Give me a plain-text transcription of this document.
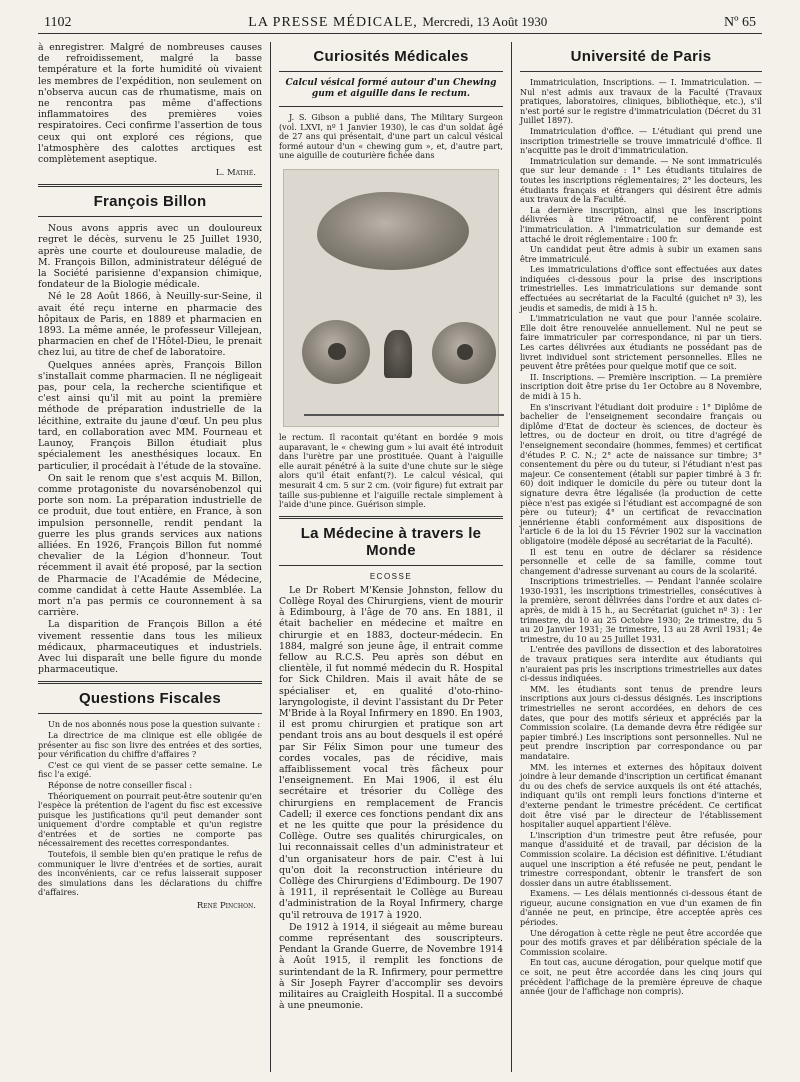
1102	LA PRESSE MÉDICALE, Mercredi, 13 Août 1930	Nº 65

à enregistrer. Malgré de nombreuses causes de refroidissement, malgré la basse température et la forte humidité où vivaient les membres de l'expédition, non seulement on n'observa aucun cas de rhumatisme, mais on ne rencontra pas même d'affections inflammatoires des premières voies respiratoires. Ceci confirme l'assertion de tous ceux qui ont exploré ces régions, que l'atmosphère des calottes arctiques est complètement aseptique.

L. Mathé.
François Billon

Nous avons appris avec un douloureux regret le décès, survenu le 25 Juillet 1930, après une courte et douloureuse maladie, de M. François Billon, administrateur délégué de la Société parisienne d'expansion chimique, fondateur de la Biologie médicale.

Né le 28 Août 1866, à Neuilly-sur-Seine, il avait été reçu interne en pharmacie des hôpitaux de Paris, en 1889 et pharmacien en 1893. La même année, le professeur Villejean, pharmacien en chef de l'Hôtel-Dieu, le prenait chez lui, au titre de chef de laboratoire.

Quelques années après, François Billon s'installait comme pharmacien. Il ne négligeait pas, pour cela, la recherche scientifique et c'est ainsi qu'il mit au point la première méthode de préparation industrielle de la lécithine, extraite du jaune d'œuf. Un peu plus tard, en collaboration avec MM. Fourneau et Launoy, François Billon étudiait plus spécialement les anesthésiques locaux. En particulier, il procédait à l'étude de la stovaïne.

On sait le renom que s'est acquis M. Billon, comme protagoniste du novarsénobenzol qui porte son nom. La préparation industrielle de ce produit, due tout entière, en France, à son impulsion personnelle, rendit pendant la guerre les plus grands services aux nations alliées. En 1926, François Billon fut nommé chevalier de la Légion d'honneur. Tout récemment il avait été proposé, par la section de Pharmacie de l'Académie de Médecine, comme candidat à cette Haute Assemblée. La mort n'a pas permis ce couronnement à sa carrière.

La disparition de François Billon a été vivement ressentie dans tous les milieux médicaux, pharmaceutiques et industriels. Avec lui disparaît une belle figure du monde pharmaceutique.

Questions Fiscales

Un de nos abonnés nous pose la question suivante :

La directrice de ma clinique est elle obligée de présenter au fisc son livre des entrées et des sorties, pour vérification du chiffre d'affaires ?

C'est ce qui vient de se passer cette semaine. Le fisc l'a exigé.

Réponse de notre conseiller fiscal :

Théoriquement on pourrait peut-être soutenir qu'en l'espèce la prétention de l'agent du fisc est excessive puisque les justifications qu'il peut demander sont uniquement d'ordre comptable et qu'un registre d'entrées et de sorties ne comporte pas nécessairement des recettes correspondantes.

Toutefois, il semble bien qu'en pratique le refus de communiquer le livre d'entrées et de sorties, aurait des inconvénients, car ce refus laisserait supposer des simulations dans les déclarations du chiffre d'affaires.

René Pinchon.
Curiosités Médicales
Calcul vésical formé autour d'un Chewing gum et aiguille dans le rectum.

J. S. Gibson a publié dans, The Military Surgeon (vol. LXVI, nº 1 Janvier 1930), le cas d'un soldat âgé de 27 ans qui présentait, d'une part un calcul vésical formé autour d'un « chewing gum », et, d'autre part, une aiguille de couturière fichée dans

le rectum. Il racontait qu'étant en bordée 9 mois auparavant, le « chewing gum » lui avait été introduit dans l'urètre par une prostituée. Quant à l'aiguille elle aurait pénétré à la suite d'une chute sur le siège alors qu'il était enfant(?). Le calcul vésical, qui mesurait 4 cm. 5 sur 2 cm. (voir figure) fut extrait par taille sus-pubienne et l'aiguille rectale simplement à l'aide d'une pince. Guérison simple.

La Médecine à travers le Monde
ECOSSE

Le Dr Robert M'Kensie Johnston, fellow du Collège Royal des Chirurgiens, vient de mourir à Edimbourg, à l'âge de 70 ans. En 1881, il était bachelier en médecine et maître en chirurgie et en 1883, docteur-médecin. En 1884, malgré son jeune âge, il entrait comme fellow au R.C.S. Peu après son début en clientèle, il fut nommé médecin du R. Hospital for Sick Children. Mais il avait hâte de se spécialiser et, en qualité d'oto-rhino-laryngologiste, il devint l'assistant du Dr Peter M'Bride à la Royal Infirmery en 1890. En 1903, il est promu chirurgien et pratique son art pendant trois ans au bout desquels il est opéré par Sir Félix Simon pour une tumeur des cordes vocales, pas de récidive, mais affaiblissement vocal très fâcheux pour l'enseignement. En Mai 1906, il est élu secrétaire et trésorier du Collège des chirurgiens en remplacement de Francis Cadell; il exerce ces fonctions pendant dix ans et ne les quitte que pour la présidence du Collège. Outre ses qualités chirurgicales, on lui reconnaissait celles d'un administrateur et d'un organisateur hors de pair. C'est à lui qu'on doit la reconstruction intérieure du Collège des Chirurgiens d'Edimbourg. De 1907 à 1911, il représentait le Collège au Bureau d'administration de la Royal Infirmery, charge qu'il retrouva de 1917 à 1920.

De 1912 à 1914, il siégeait au même bureau comme représentant des souscripteurs. Pendant la Grande Guerre, de Novembre 1914 à Août 1915, il remplit les fonctions de surintendant de la R. Infirmery, pour permettre à Sir Joseph Fayrer d'accomplir ses devoirs militaires au Craigleith Hospital. Il a succombé à une pneumonie.

Université de Paris

Immatriculation, Inscriptions. — I. Immatriculation. — Nul n'est admis aux travaux de la Faculté (Travaux pratiques, laboratoires, cliniques, bibliothèque, etc.), s'il n'est porté sur le registre d'immatriculation (Décret du 31 Juillet 1897).

Immatriculation d'office. — L'étudiant qui prend une inscription trimestrielle se trouve immatriculé d'office. Il n'acquitte pas le droit d'immatriculation.

Immatriculation sur demande. — Ne sont immatriculés que sur leur demande : 1° Les étudiants titulaires de toutes les inscriptions réglementaires; 2° les docteurs, les étudiants français et étrangers qui désirent être admis aux travaux de la Faculté.

La dernière inscription, ainsi que les inscriptions délivrées à titre rétroactif, ne confèrent point l'immatriculation. A l'immatriculation sur demande est attaché le droit réglementaire : 100 fr.

Un candidat peut être admis à subir un examen sans être immatriculé.

Les immatriculations d'office sont effectuées aux dates indiquées ci-dessous pour la prise des inscriptions trimestrielles. Les immatriculations sur demande sont effectuées au secrétariat de la Faculté (guichet nº 3), les jeudis et samedis, de midi à 15 h.

L'immatriculation ne vaut que pour l'année scolaire. Elle doit être renouvelée annuellement. Nul ne peut se faire immatriculer par correspondance, ni par un tiers. Les cartes délivrées aux étudiants ne possédant pas de livret individuel sont strictement personnelles. Elles ne peuvent être prêtées pour quelque motif que ce soit.

II. Inscriptions. — Première inscription. — La première inscription doit être prise du 1er Octobre au 8 Novembre, de midi à 15 h.

En s'inscrivant l'étudiant doit produire : 1° Diplôme de bachelier de l'enseignement secondaire français ou diplôme d'Etat de docteur ès sciences, de docteur ès lettres, ou de docteur en droit, ou titre d'agrégé de l'enseignement secondaire (hommes, femmes) et certificat d'études P. C. N.; 2° acte de naissance sur timbre; 3° consentement du père ou du tuteur, si l'étudiant n'est pas majeur. Ce consentement (établi sur papier timbré à 3 fr. 60) doit indiquer le domicile du père ou tuteur dont la signature devra être légalisée (la production de cette pièce n'est pas exigée si l'étudiant est accompagné de son père ou tuteur); 4° un certificat de revaccination jennérienne établi conformément aux dispositions de l'article 6 de la loi du 15 Février 1902 sur la vaccination obligatoire (modèle déposé au secrétariat de la Faculté).

Il est tenu en outre de déclarer sa résidence personnelle et celle de sa famille, comme tout changement d'adresse survenant au cours de la scolarité.

Inscriptions trimestrielles. — Pendant l'année scolaire 1930-1931, les inscriptions trimestrielles, consécutives à la première, seront délivrées dans l'ordre et aux dates ci-après, de midi à 15 h., au Secrétariat (guichet nº 3) : 1er trimestre, du 10 au 25 Octobre 1930; 2e trimestre, du 5 au 20 Janvier 1931; 3e trimestre, 13 au 28 Avril 1931; 4e trimestre, du 10 au 25 Juillet 1931.

L'entrée des pavillons de dissection et des laboratoires de travaux pratiques sera interdite aux étudiants qui n'auraient pas pris les inscriptions trimestrielles aux dates ci-dessus indiquées.

MM. les étudiants sont tenus de prendre leurs inscriptions aux jours ci-dessus désignés. Les inscriptions trimestrielles ne seront accordées, en dehors de ces dates, que pour des motifs sérieux et appréciés par la Commission scolaire. (La demande devra être rédigée sur papier timbré.) Les inscriptions sont personnelles. Nul ne peut prendre inscription par correspondance ou par mandataire.

MM. les internes et externes des hôpitaux doivent joindre à leur demande d'inscription un certificat émanant du ou des chefs de service auxquels ils ont été attachés, indiquant qu'ils ont rempli leurs fonctions d'interne et d'externe pendant le trimestre précédent. Ce certificat doit être visé par le directeur de l'établissement hospitalier auquel appartient l'élève.

L'inscription d'un trimestre peut être refusée, pour manque d'assiduité et de travail, par décision de la Commission scolaire. La décision est définitive. L'étudiant auquel une inscription a été refusée ne peut, pendant le trimestre correspondant, obtenir le transfert de son dossier dans un autre établissement.

Examens. — Les délais mentionnés ci-dessous étant de rigueur, aucune consignation en vue d'un examen de fin d'année ne peut, en principe, être acceptée après ces périodes.

Une dérogation à cette règle ne peut être accordée que pour des motifs graves et par délibération spéciale de la Commission scolaire.

En tout cas, aucune dérogation, pour quelque motif que ce soit, ne peut être accordée dans les cinq jours qui précèdent l'affichage de la première épreuve de chaque année (jour de l'affichage non compris).
